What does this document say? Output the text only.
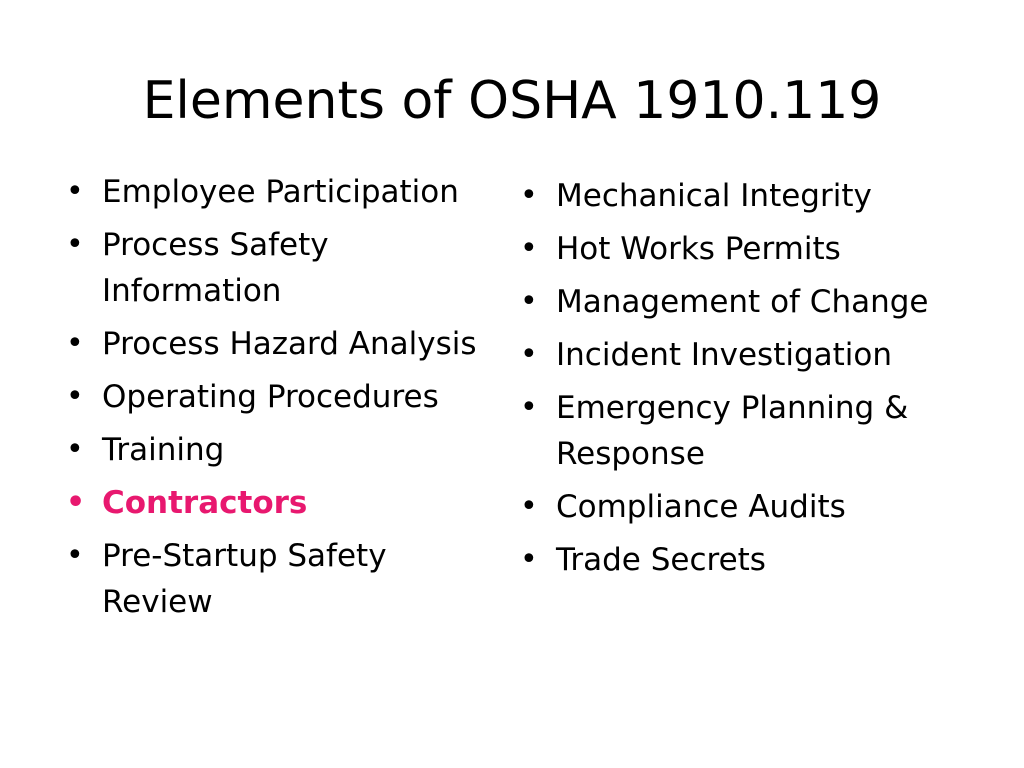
Elements of OSHA 1910.119
• Employee Participation
• Process Safety Information
• Process Hazard Analysis
• Operating Procedures
• Training
• Contractors
• Pre-Startup Safety Review
• Mechanical Integrity
• Hot Works Permits
• Management of Change
• Incident Investigation
• Emergency Planning & Response
• Compliance Audits
• Trade Secrets
